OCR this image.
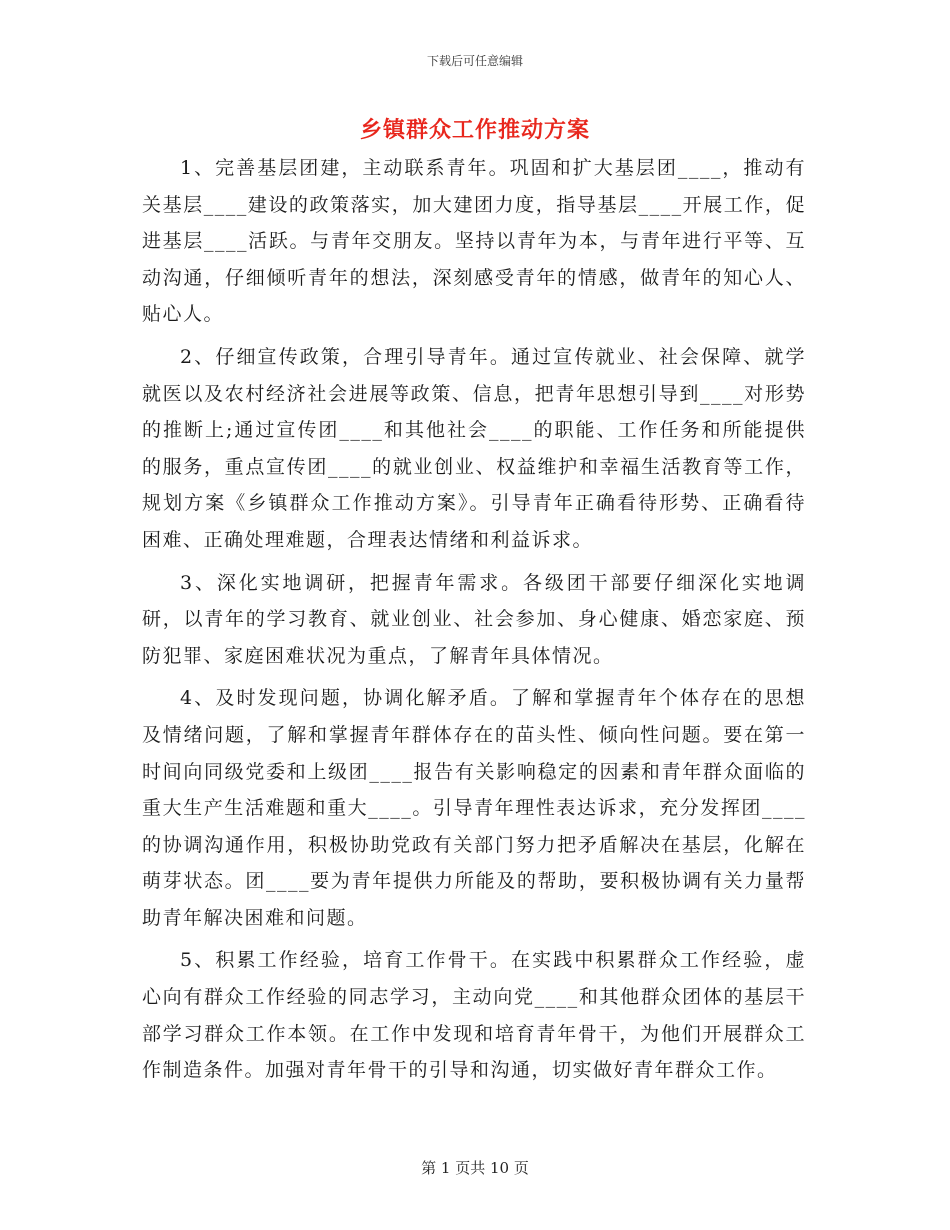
下载后可任意编辑
乡镇群众工作推动方案

1、完善基层团建，主动联系青年。巩固和扩大基层团____，推动有关基层____建设的政策落实，加大建团力度，指导基层____开展工作，促进基层____活跃。与青年交朋友。坚持以青年为本，与青年进行平等、互动沟通，仔细倾听青年的想法，深刻感受青年的情感，做青年的知心人、贴心人。

2、仔细宣传政策，合理引导青年。通过宣传就业、社会保障、就学就医以及农村经济社会进展等政策、信息，把青年思想引导到____对形势的推断上;通过宣传团____和其他社会____的职能、工作任务和所能提供的服务，重点宣传团____的就业创业、权益维护和幸福生活教育等工作，规划方案《乡镇群众工作推动方案》。引导青年正确看待形势、正确看待困难、正确处理难题，合理表达情绪和利益诉求。

3、深化实地调研，把握青年需求。各级团干部要仔细深化实地调研，以青年的学习教育、就业创业、社会参加、身心健康、婚恋家庭、预防犯罪、家庭困难状况为重点，了解青年具体情况。

4、及时发现问题，协调化解矛盾。了解和掌握青年个体存在的思想及情绪问题，了解和掌握青年群体存在的苗头性、倾向性问题。要在第一时间向同级党委和上级团____报告有关影响稳定的因素和青年群众面临的重大生产生活难题和重大____。引导青年理性表达诉求，充分发挥团____的协调沟通作用，积极协助党政有关部门努力把矛盾解决在基层，化解在萌芽状态。团____要为青年提供力所能及的帮助，要积极协调有关力量帮助青年解决困难和问题。

5、积累工作经验，培育工作骨干。在实践中积累群众工作经验，虚心向有群众工作经验的同志学习，主动向党____和其他群众团体的基层干部学习群众工作本领。在工作中发现和培育青年骨干，为他们开展群众工作制造条件。加强对青年骨干的引导和沟通，切实做好青年群众工作。

第 1 页共 10 页
